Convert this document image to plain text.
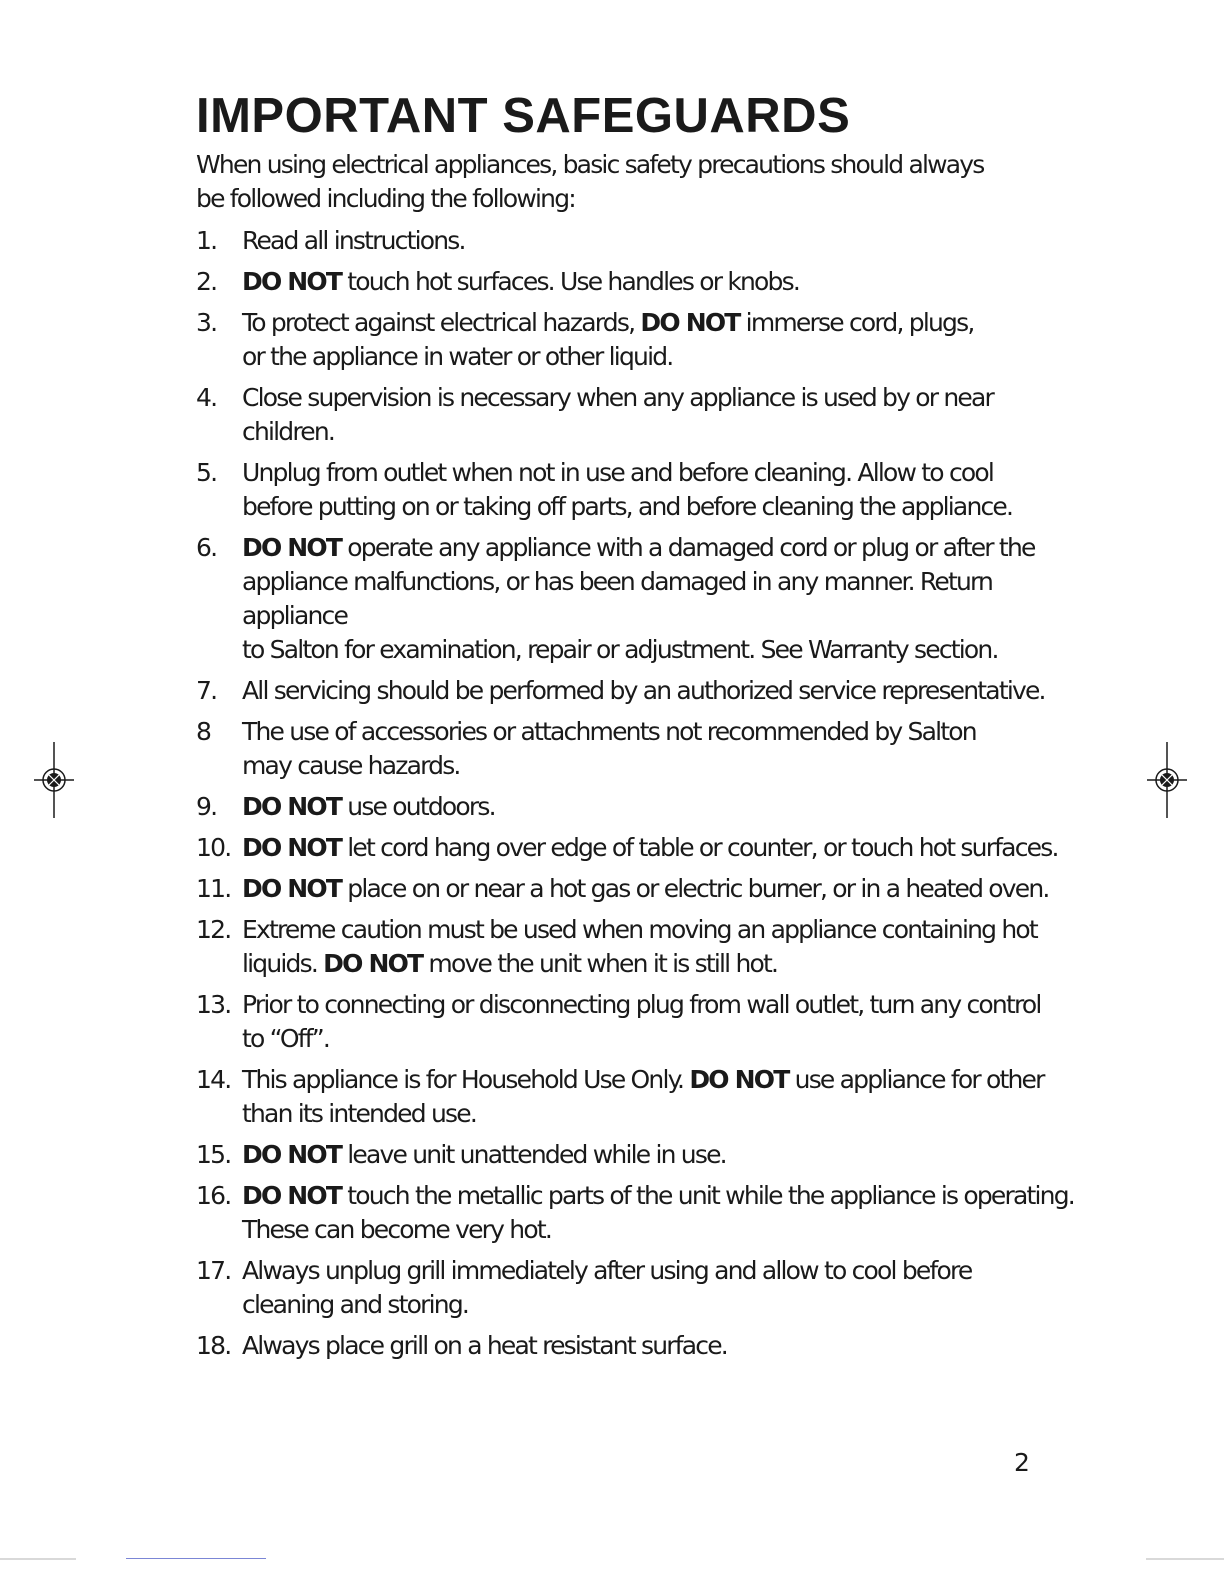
IMPORTANT SAFEGUARDS

When using electrical appliances, basic safety precautions should always
be followed including the following:

1.	Read all instructions.
2.	DO NOT touch hot surfaces. Use handles or knobs.
3.	To protect against electrical hazards, DO NOT immerse cord, plugs,
or the appliance in water or other liquid.
4.	Close supervision is necessary when any appliance is used by or near children.
5.	Unplug from outlet when not in use and before cleaning. Allow to cool
before putting on or taking off parts, and before cleaning the appliance.
6.	DO NOT operate any appliance with a damaged cord or plug or after the
appliance malfunctions, or has been damaged in any manner. Return appliance
to Salton for examination, repair or adjustment. See Warranty section.
7.	All servicing should be performed by an authorized service representative.
8	The use of accessories or attachments not recommended by Salton
may cause hazards.
9.	DO NOT use outdoors.
10. DO NOT let cord hang over edge of table or counter, or touch hot surfaces.
11. DO NOT place on or near a hot gas or electric burner, or in a heated oven.
12. Extreme caution must be used when moving an appliance containing hot
liquids. DO NOT move the unit when it is still hot.
13. Prior to connecting or disconnecting plug from wall outlet, turn any control
to “Off”.
14. This appliance is for Household Use Only. DO NOT use appliance for other
than its intended use.
15. DO NOT leave unit unattended while in use.
16. DO NOT touch the metallic parts of the unit while the appliance is operating.
These can become very hot.
17. Always unplug grill immediately after using and allow to cool before
cleaning and storing.
18. Always place grill on a heat resistant surface.
2
